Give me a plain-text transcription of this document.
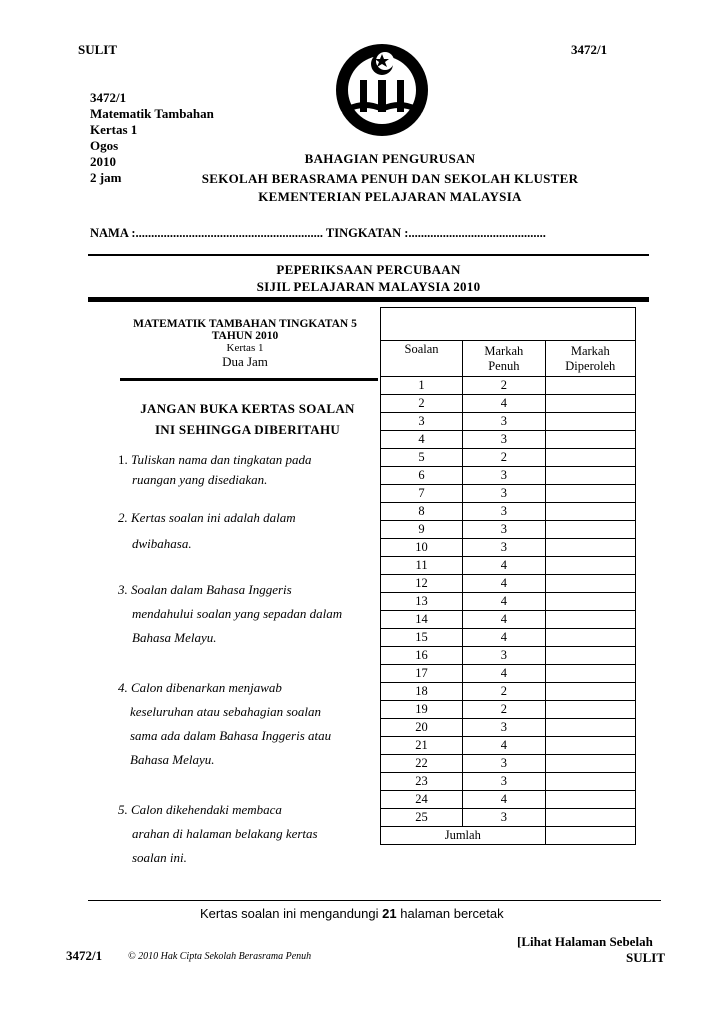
SULIT	3472/1
3472/1
Matematik Tambahan
Kertas 1
Ogos
2010
2 jam
KEMENTERIAN PELAJARAN MALAYSIA
BAHAGIAN PENGURUSAN
SEKOLAH BERASRAMA PENUH DAN SEKOLAH KLUSTER
KEMENTERIAN PELAJARAN MALAYSIA
NAMA :............................................................ TINGKATAN :............................................
PEPERIKSAAN PERCUBAAN
SIJIL PELAJARAN MALAYSIA 2010
MATEMATIK TAMBAHAN TINGKATAN 5
TAHUN 2010
Kertas 1
Dua Jam
JANGAN BUKA KERTAS SOALAN
INI SEHINGGA DIBERITAHU
1. Tuliskan nama dan tingkatan pada
ruangan yang disediakan.
2. Kertas soalan ini adalah dalam
dwibahasa.
3. Soalan dalam Bahasa Inggeris
mendahului soalan yang sepadan dalam
Bahasa Melayu.
4. Calon dibenarkan menjawab
keseluruhan atau sebahagian soalan
sama ada dalam Bahasa Inggeris atau
Bahasa Melayu.
5. Calon dikehendaki membaca
arahan di halaman belakang kertas
soalan ini.

Soalan	Markah Penuh	Markah Diperoleh

1	2	
2	4	
3	3	
4	3	
5	2	
6	3	
7	3	
8	3	
9	3	
10	3	
11	4	
12	4	
13	4	
14	4	
15	4	
16	3	
17	4	
18	2	
19	2	
20	3	
21	4	
22	3	
23	3	
24	4	
25	3	
Jumlah		
Kertas soalan ini mengandungi 21 halaman bercetak
[Lihat Halaman Sebelah
3472/1	© 2010 Hak Cipta Sekolah Berasrama Penuh	SULIT
